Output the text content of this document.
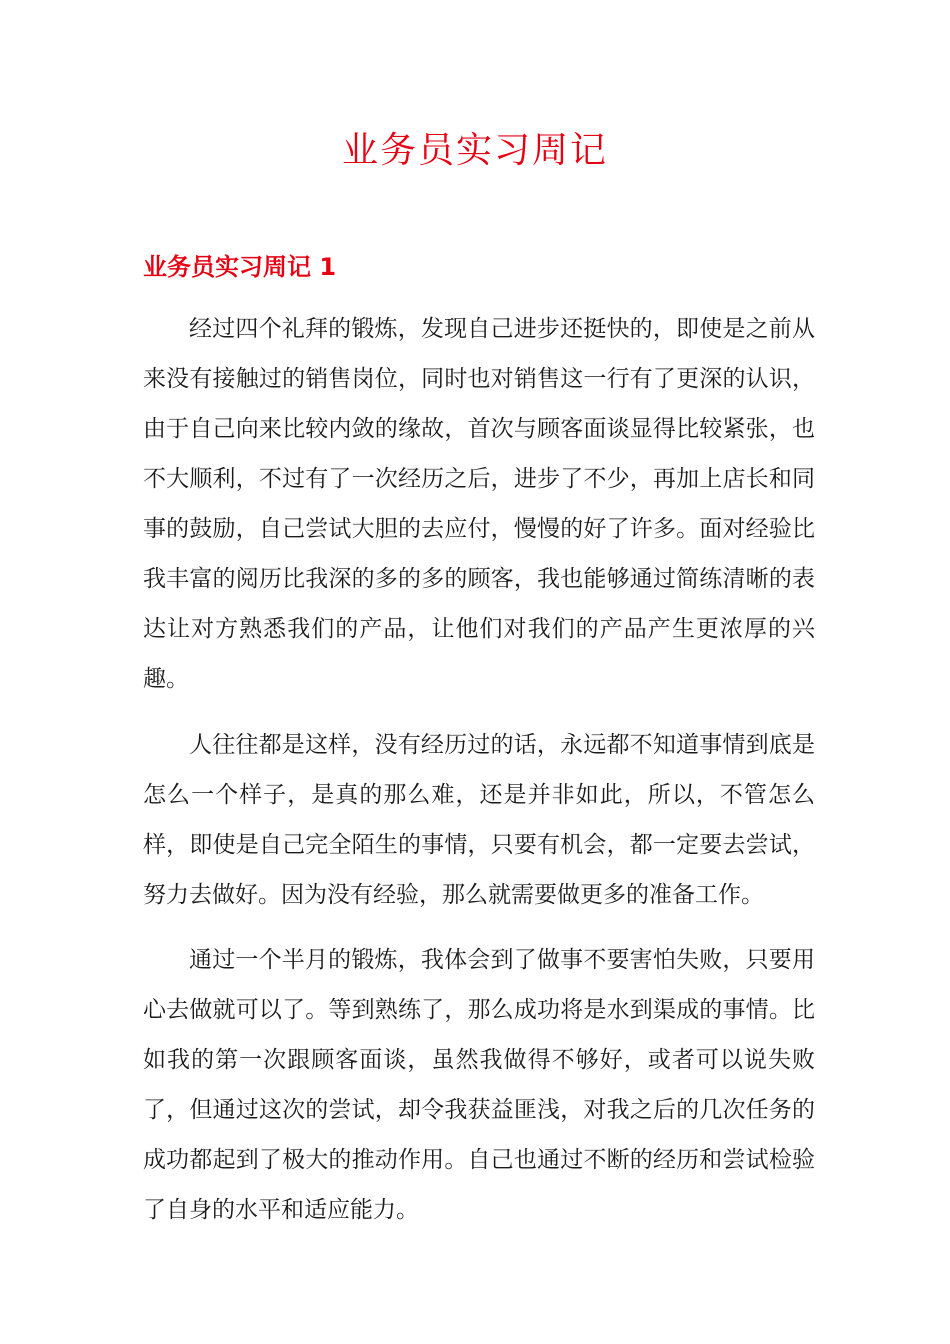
业务员实习周记
业务员实习周记 1

经过四个礼拜的锻炼，发现自己进步还挺快的，即使是之前从来没有接触过的销售岗位，同时也对销售这一行有了更深的认识，由于自己向来比较内敛的缘故，首次与顾客面谈显得比较紧张，也不大顺利，不过有了一次经历之后，进步了不少，再加上店长和同事的鼓励，自己尝试大胆的去应付，慢慢的好了许多。面对经验比我丰富的阅历比我深的多的多的顾客，我也能够通过简练清晰的表达让对方熟悉我们的产品，让他们对我们的产品产生更浓厚的兴趣。

人往往都是这样，没有经历过的话，永远都不知道事情到底是怎么一个样子，是真的那么难，还是并非如此，所以，不管怎么样，即使是自己完全陌生的事情，只要有机会，都一定要去尝试，努力去做好。因为没有经验，那么就需要做更多的准备工作。

通过一个半月的锻炼，我体会到了做事不要害怕失败，只要用心去做就可以了。等到熟练了，那么成功将是水到渠成的事情。比如我的第一次跟顾客面谈，虽然我做得不够好，或者可以说失败了，但通过这次的尝试，却令我获益匪浅，对我之后的几次任务的成功都起到了极大的推动作用。自己也通过不断的经历和尝试检验了自身的水平和适应能力。
